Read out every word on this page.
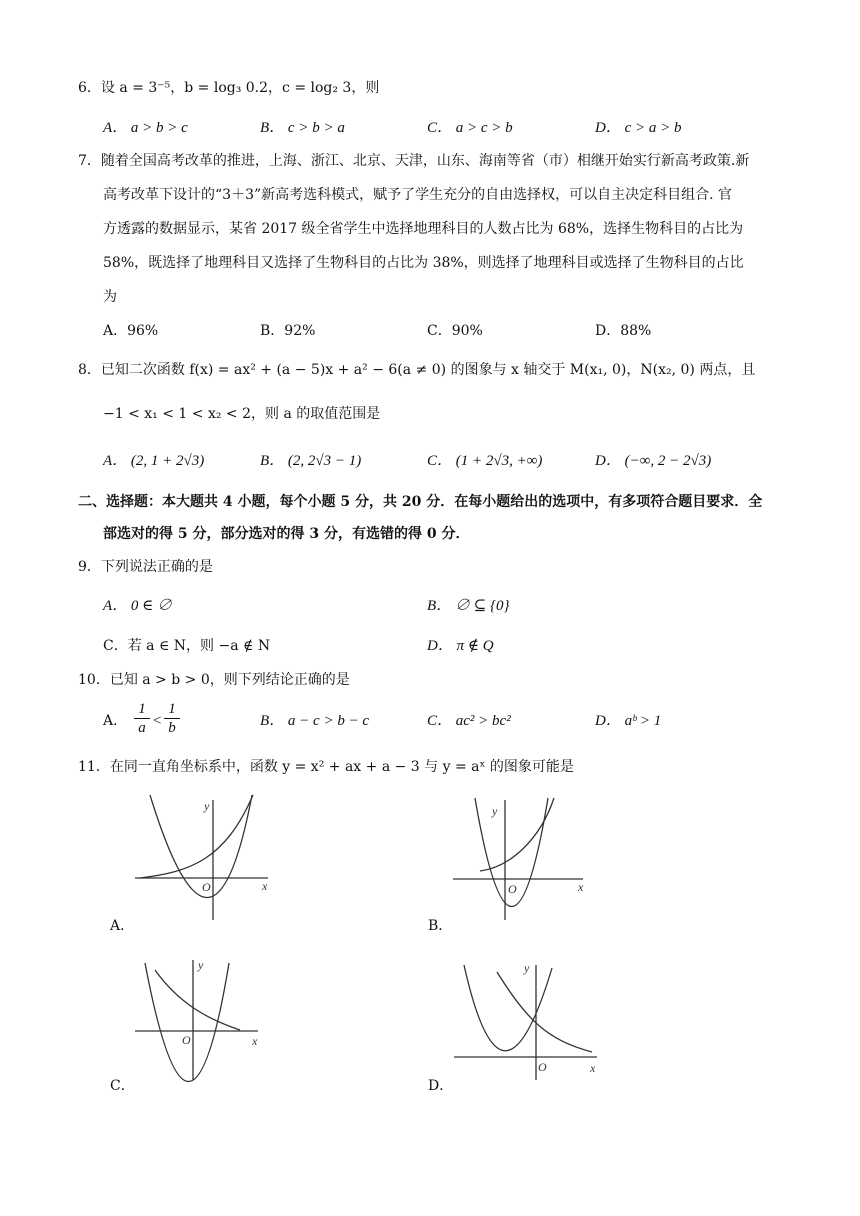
6．设 a = 3⁻⁵，b = log₃ 0.2，c = log₂ 3，则
A． a > b > c	B． c > b > a	C． a > c > b	D． c > a > b
7．随着全国高考改革的推进，上海、浙江、北京、天津，山东、海南等省（市）相继开始实行新高考政策.新
高考改革下设计的“3＋3”新高考选科模式，赋予了学生充分的自由选择权，可以自主决定科目组合. 官
方透露的数据显示，某省 2017 级全省学生中选择地理科目的人数占比为 68%，选择生物科目的占比为
58%，既选择了地理科目又选择了生物科目的占比为 38%，则选择了地理科目或选择了生物科目的占比
为
A．96%	B．92%	C．90%	D．88%
8．已知二次函数 f(x) = ax² + (a − 5)x + a² − 6(a ≠ 0) 的图象与 x 轴交于 M(x₁, 0)，N(x₂, 0) 两点，且
−1 < x₁ < 1 < x₂ < 2，则 a 的取值范围是
A． (2, 1 + 2√3)	B． (2, 2√3 − 1)	C． (1 + 2√3, +∞)	D． (−∞, 2 − 2√3)
二、选择题：本大题共 4 小题，每个小题 5 分，共 20 分．在每小题给出的选项中，有多项符合题目要求．全
部选对的得 5 分，部分选对的得 3 分，有选错的得 0 分．
9．下列说法正确的是
A． 0 ∈ ∅	B． ∅ ⊆ {0}
C．若 a ∈ N，则 −a ∉ N	D． π ∉ Q
10．已知 a > b > 0，则下列结论正确的是
A． $\frac{1}{a} < \frac{1}{b}$	B． a − c > b − c	C． ac² > bc²	D． aᵇ > 1
11．在同一直角坐标系中，函数 y = x² + ax + a − 3 与 y = aˣ 的图象可能是
y
x
O
A．
y
x
O
B．
y
x
O
C．
y
x
O
D．
